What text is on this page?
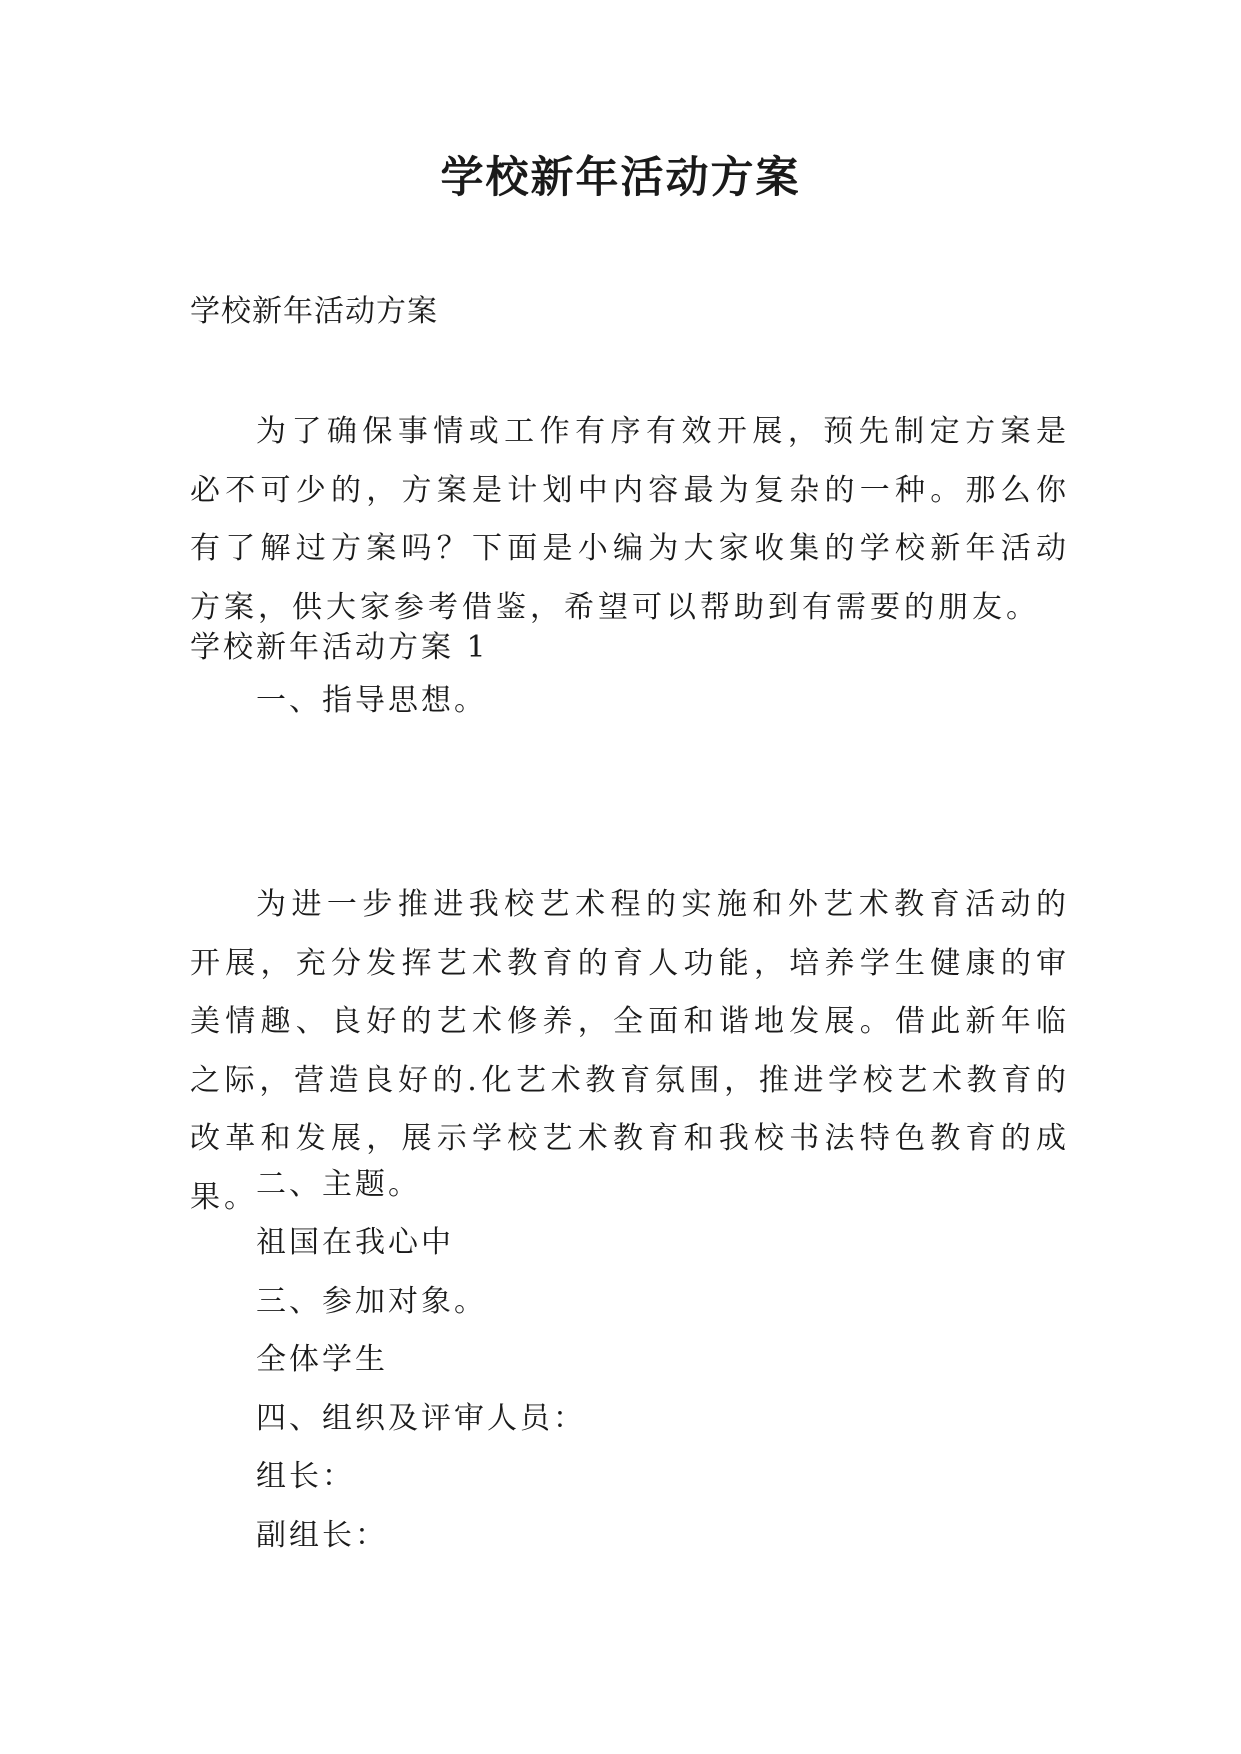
学校新年活动方案
学校新年活动方案
为了确保事情或工作有序有效开展，预先制定方案是必不可少的，方案是计划中内容最为复杂的一种。那么你有了解过方案吗？下面是小编为大家收集的学校新年活动方案，供大家参考借鉴，希望可以帮助到有需要的朋友。
学校新年活动方案 1
一、指导思想。
为进一步推进我校艺术程的实施和外艺术教育活动的开展，充分发挥艺术教育的育人功能，培养学生健康的审美情趣、良好的艺术修养，全面和谐地发展。借此新年临之际，营造良好的.化艺术教育氛围，推进学校艺术教育的改革和发展，展示学校艺术教育和我校书法特色教育的成果。
二、主题。
祖国在我心中
三、参加对象。
全体学生
四、组织及评审人员：
组长：
副组长：
